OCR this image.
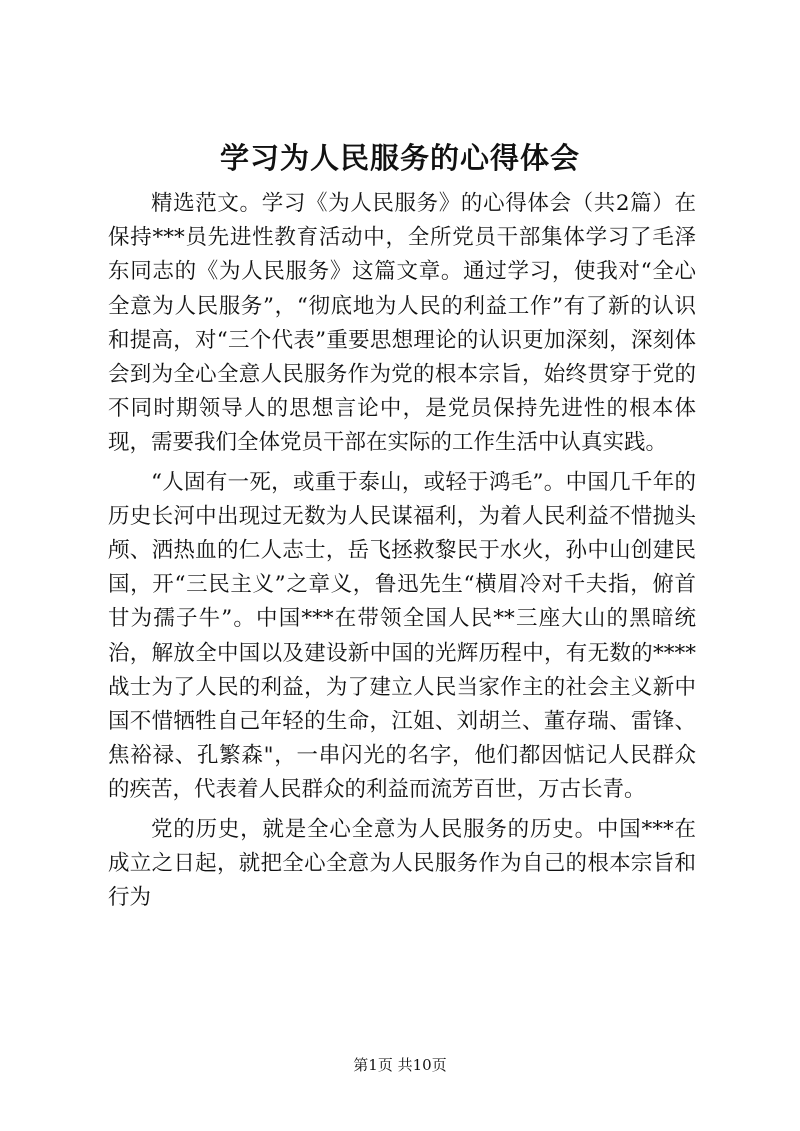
学习为人民服务的心得体会

精选范文。学习《为人民服务》的心得体会（共2篇）在保持***员先进性教育活动中，全所党员干部集体学习了毛泽东同志的《为人民服务》这篇文章。通过学习，使我对“全心全意为人民服务”，“彻底地为人民的利益工作”有了新的认识和提高，对“三个代表”重要思想理论的认识更加深刻，深刻体会到为全心全意人民服务作为党的根本宗旨，始终贯穿于党的不同时期领导人的思想言论中，是党员保持先进性的根本体现，需要我们全体党员干部在实际的工作生活中认真实践。

“人固有一死，或重于泰山，或轻于鸿毛”。中国几千年的历史长河中出现过无数为人民谋福利，为着人民利益不惜抛头颅、洒热血的仁人志士，岳飞拯救黎民于水火，孙中山创建民国，开“三民主义”之章义，鲁迅先生“横眉冷对千夫指，俯首甘为孺子牛”。中国***在带领全国人民**三座大山的黑暗统治，解放全中国以及建设新中国的光辉历程中，有无数的****战士为了人民的利益，为了建立人民当家作主的社会主义新中国不惜牺牲自己年轻的生命，江姐、刘胡兰、董存瑞、雷锋、焦裕禄、孔繁森"，一串闪光的名字，他们都因惦记人民群众的疾苦，代表着人民群众的利益而流芳百世，万古长青。

党的历史，就是全心全意为人民服务的历史。中国***在成立之日起，就把全心全意为人民服务作为自己的根本宗旨和行为

第1页 共10页
